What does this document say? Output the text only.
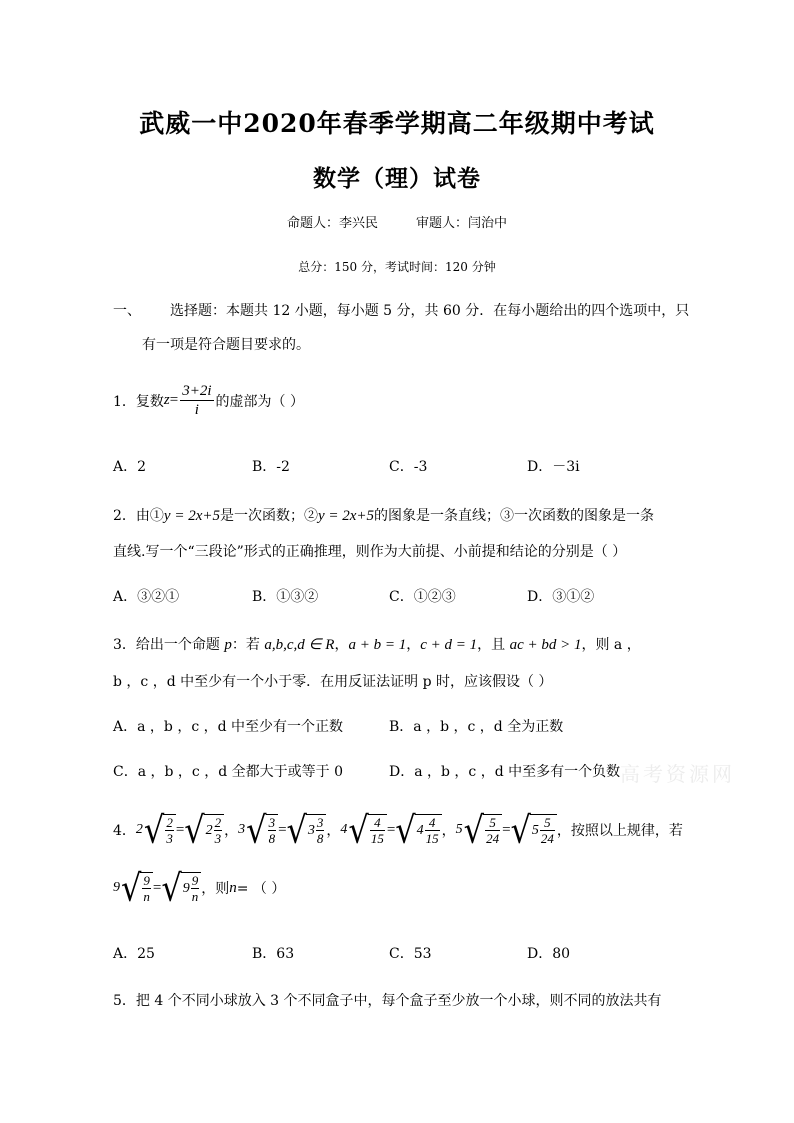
武威一中2020年春季学期高二年级期中考试
数学（理）试卷
命题人：李兴民	审题人：闫治中
总分：150 分，考试时间：120 分钟
一、 选择题：本题共 12 小题，每小题 5 分，共 60 分．在每小题给出的四个选项中，只
有一项是符合题目要求的。
1．复数 $z = \frac{3+2i}{i}$ 的虚部为（ ）
A．2	B．-2	C．-3	D．－3i
2．由①y = 2x+5是一次函数；②y = 2x+5的图象是一条直线；③一次函数的图象是一条
直线.写一个“三段论”形式的正确推理，则作为大前提、小前提和结论的分别是（ ）
A．③②①	B．①③②	C．①②③	D．③①②
3．给出一个命题 p：若 a,b,c,d ∈ R，a + b = 1，c + d = 1，且 ac + bd > 1，则 a ，
b ，c ，d 中至少有一个小于零．在用反证法证明 p 时，应该假设（ ）
A．a ，b ，c ，d 中至少有一个正数	B．a ，b ，c ，d 全为正数
C．a ，b ，c ，d 全都大于或等于 0	D．a ，b ，c ，d 中至多有一个负数
4． 2 √ $\frac{2}{3}$ = √ $2 \frac{2}{3}$ ， 3 √ $\frac{3}{8}$ = √ $3 \frac{3}{8}$ ， 4 √ $\frac{4}{15}$ = √ $4 \frac{4}{15}$ ， 5 √ $\frac{5}{24}$ = √ $5 \frac{5}{24}$ ，按照以上规律，若
9 √ $\frac{9}{n}$ = √ $9 \frac{9}{n}$ ，则 n = （ ）
A．25	B．63	C．53	D．80
5．把 4 个不同小球放入 3 个不同盒子中，每个盒子至少放一个小球，则不同的放法共有
高考资源网
